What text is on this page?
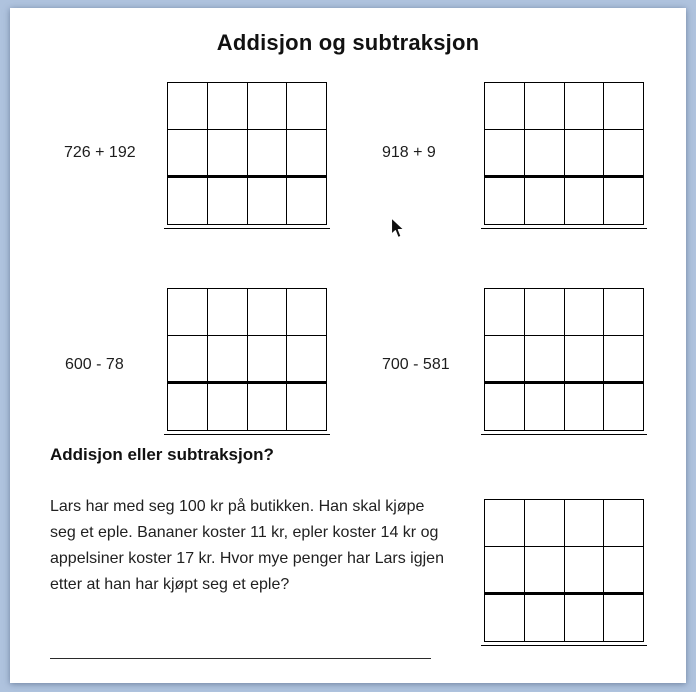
Addisjon og subtraksjon
726 + 192	918 + 9
600 - 78	700 - 581
Addisjon eller subtraksjon?

Lars har med seg 100 kr på butikken. Han skal kjøpe seg et eple. Bananer koster 11 kr, epler koster 14 kr og appelsiner koster 17 kr. Hvor mye penger har Lars igjen etter at han har kjøpt seg et eple?
